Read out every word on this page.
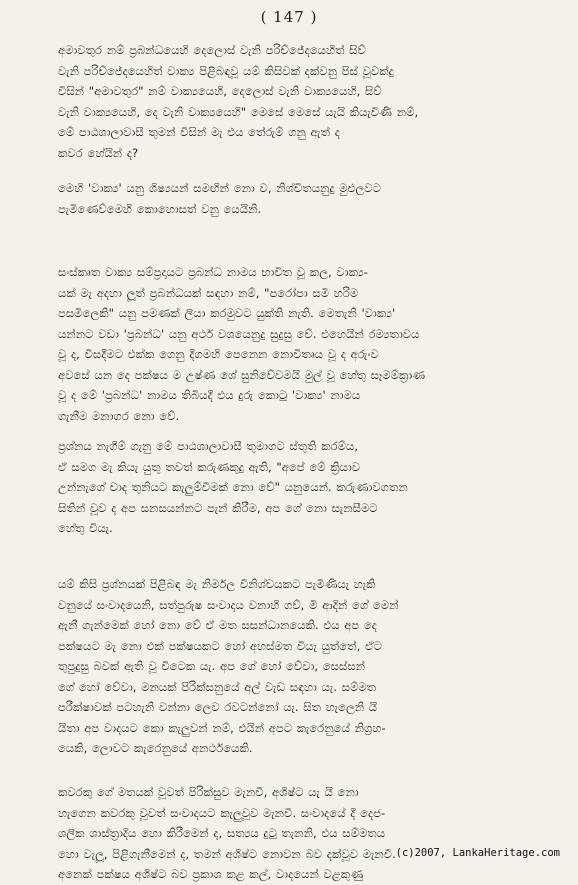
( 147 )

අමාවතුර නම් ප්‍රබන්ධයෙහි දෙලොස් වැනි පරිච්ජේදයෙහිත් සිව්
වැනි පරිච්ජේදයෙහිත් වාක්‍ය පිළිබඳවූ යම් කිසිවක් දක්වනු පිස් වූවක්දු
විසින් "අමාවතුර" නම් වාක්‍යයෙහි, දෙලොස් වැනි වාක්‍යයෙහි, සිව්
වැනි වාක්‍යයෙහි, දෙ වැනි වාක්‍යයෙහි" මෙසේ මෙසේ යැයි කියැවිණි නම්,
මේ පාඨශාලාවාසී තුමන් විසින් මැ එය තේරුම් ගනු ඇත් ද
කවර හේයින් ද?

මෙහි 'වාක්‍ය' යනු ශිෂ්‍යයන් සමඟින් නො ව, නිශ්චිතයනුදු මුළුලවට
පැමිණෙව්මෙහි කොහොසත් වනු යෙයිනි.

සංස්කෘත වාක්‍ය සම්ප්‍රදායට ප්‍රබන්ධ නාමය භාවිත වූ කල, වාක්‍ය-
යක් මැ අදහා ලූත් ප්‍රබන්ධයක් සඳහා නම්, "පරෝපා සමි හරිම
පසමිලෙකි" යනු පමණක් ලියා කරමුවට යුක්ති නැති. මෙතැනි 'වාක්‍ය'
යන්නට වඩා 'ප්‍රබන්ධ' යනු අර්ථ වශයෙනුදු සුදුසු වේ. එහෙයින් රම්‍යතාවය
වූ ද, විසදීමට එක්ක ගෙනු දිගමහි පෙනෙන නොවිතෘය වූ ද අරුංව
අවසේ යන දෙ පක්ෂය ම උෂ්ණ ශේ සුනිවේවමයි මුල් වූ හේතු සෑමම්ක්‍රාණ
වූ ද මේ 'ප්‍රබන්ධ' නාමය තිබියදී එය දුරු කොටු 'වාක්‍ය' නාමය
ගැනීම මනාගර නො වේ.

ප්‍රශ්නය නැගීම් ගැනු මේ පාඨශාලාවාසී තුමාගට ස්තුති කරම්ය,
ඒ සමග මැ කියැ යුතු තවත් කරුණකුදු ඇති, "අපේ මේ ක්‍රියාව
උන්නැගේ චාද තුනියට කැලුම්වීමක් නො වේ" යනුයෙන්. කරුණාවගතන
සිතින් වූව ද අප සනසයන්නට පැන් කිරීම, අප ගේ නො සැනසීමට
හේතු වියැ.

යම් කිසි ප්‍රශ්නයක් පිළිබඳ මැ නිර්මල විනිශ්චයකට පැමිණියැ හැකි
වනුයේ සංවාදයෙනි, සත්පුරුෂ සංවාදය වනාහි ගව්, මි ආදින් ගේ මෙන්
ඇනී ගැන්මෙක් හෝ නො වේ ඒ මත සසන්ධානයෙකි. එය අප දෙ
පක්ෂයට මැ නො එක් පක්ෂයකට හෝ අහස්මත වියැ යුත්තේ, ඒට
තුපුදුසු බවක් ඇති වූ විටෙක යැ. අප ගේ හෝ වේවා, සෙස්සන්
ගේ හෝ වේවා, මනයක් පිරික්සනුයේ අල් වැඩ සඳහා යැ. සම්මත
පරීක්ෂාවක් පටහැනි වන්නා ලෙව රවටන්නෝ යැ. සිත හැලෙනි යි
යිතා අප වාදයට කො කැලුවන් නම්, එයින් අපට කැරෙනුයේ නිග්‍රහ-
යෙකි, ලොවට කැරෙනුයේ අනර්ථයෙකි.

කවරකු ගේ මතයක් වූවත් පිරික්සුව මැනවී, අශිෂ්ට යැ යි නො
හැගෙන කවරකු වූවත් සංවාදයට කැලුවූව මැනවී. සංවාදයේ දී දෙජ-
ශලික ශාස්ත්‍රාදිය හො කිරීමෙන් ද, සත්‍යය දුටු තැනනි, එය සම්මතය
හො වැලූ, පිළිගැනීමෙන් ද, තමන් අශිෂ්ට නොවන බව දක්වූව මැනවී.
අනෙක් පක්ෂය අශිෂ්ට බව ප්‍රකාශ කළ කල්, වාදයෙන් වළකුණු

(c)2007, LankaHeritage.com
